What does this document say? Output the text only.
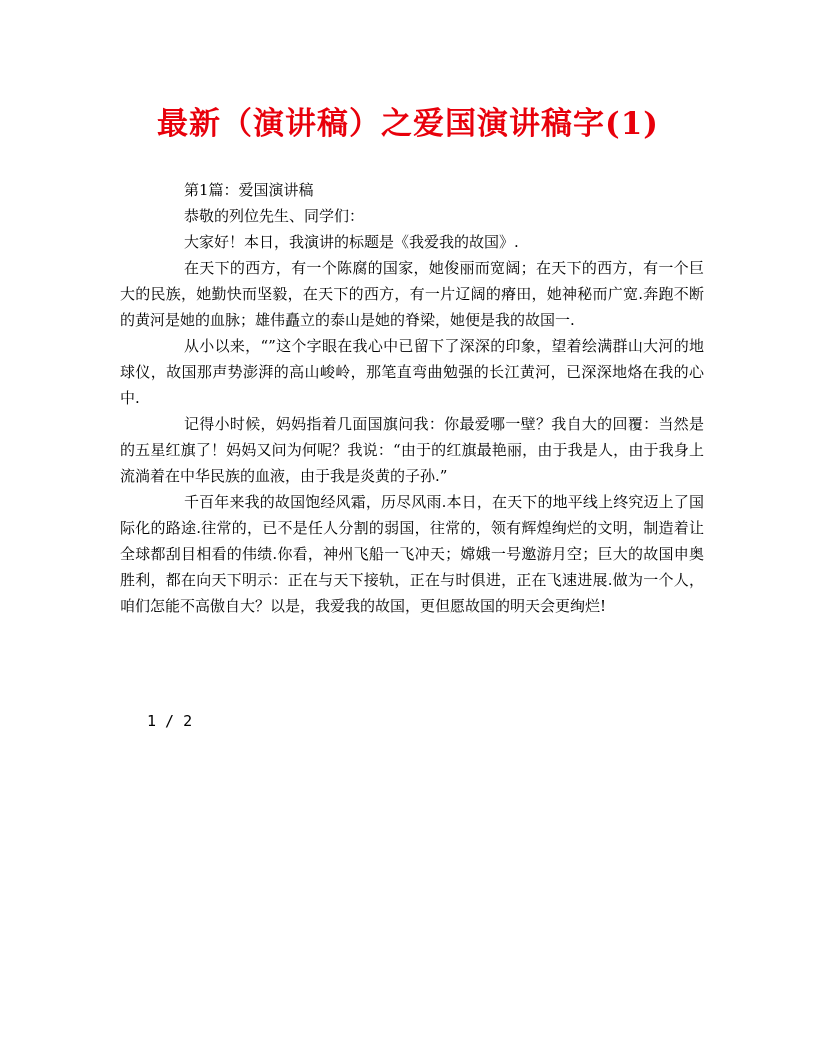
最新（演讲稿）之爱国演讲稿字(1)

第1篇：爱国演讲稿

恭敬的列位先生、同学们：

大家好！本日，我演讲的标题是《我爱我的故国》.

在天下的西方，有一个陈腐的国家，她俊丽而宽阔；在天下的西方，有一个巨大的民族，她勤快而坚毅，在天下的西方，有一片辽阔的瘠田，她神秘而广宽.奔跑不断的黄河是她的血脉；雄伟矗立的泰山是她的脊梁，她便是我的故国一.

从小以来，“”这个字眼在我心中已留下了深深的印象，望着绘满群山大河的地球仪，故国那声势澎湃的高山峻岭，那笔直弯曲勉强的长江黄河，已深深地烙在我的心中.

记得小时候，妈妈指着几面国旗问我：你最爱哪一壁？我自大的回覆：当然是的五星红旗了！妈妈又问为何呢？我说：“由于的红旗最艳丽，由于我是人，由于我身上流淌着在中华民族的血液，由于我是炎黄的子孙.”

千百年来我的故国饱经风霜，历尽风雨.本日，在天下的地平线上终究迈上了国际化的路途.往常的，已不是任人分割的弱国，往常的，领有辉煌绚烂的文明，制造着让全球都刮目相看的伟绩.你看，神州飞船一飞冲天；嫦娥一号邀游月空；巨大的故国申奥胜利，都在向天下明示：正在与天下接轨，正在与时俱进，正在飞速进展.做为一个人，咱们怎能不高傲自大？以是，我爱我的故国，更但愿故国的明天会更绚烂!

1 / 2
